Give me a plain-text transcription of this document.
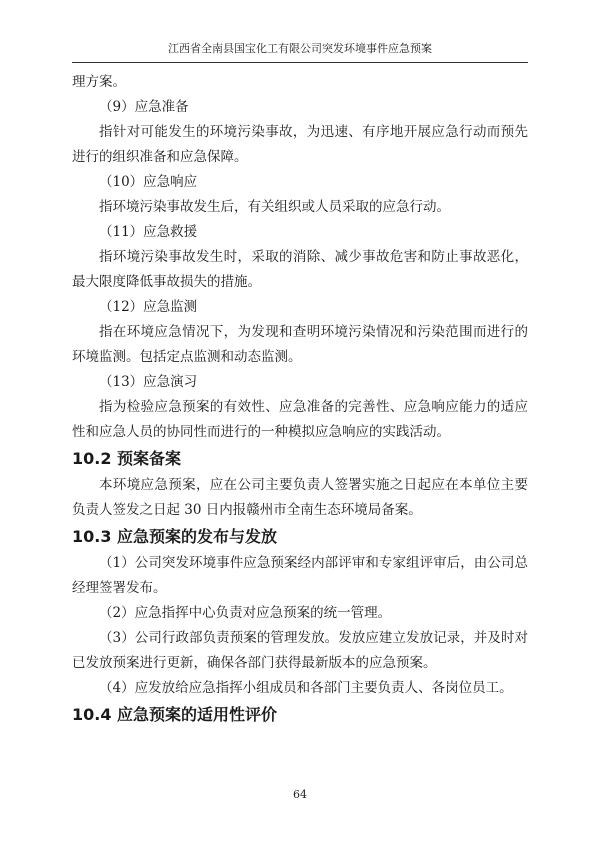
江西省全南县国宝化工有限公司突发环境事件应急预案

理方案。

（9）应急准备

指针对可能发生的环境污染事故，为迅速、有序地开展应急行动而预先进行的组织准备和应急保障。

（10）应急响应

指环境污染事故发生后，有关组织或人员采取的应急行动。

（11）应急救援

指环境污染事故发生时，采取的消除、减少事故危害和防止事故恶化，最大限度降低事故损失的措施。

（12）应急监测

指在环境应急情况下，为发现和查明环境污染情况和污染范围而进行的环境监测。包括定点监测和动态监测。

（13）应急演习

指为检验应急预案的有效性、应急准备的完善性、应急响应能力的适应性和应急人员的协同性而进行的一种模拟应急响应的实践活动。

10.2 预案备案

本环境应急预案，应在公司主要负责人签署实施之日起应在本单位主要负责人签发之日起 30 日内报赣州市全南生态环境局备案。

10.3 应急预案的发布与发放

（1）公司突发环境事件应急预案经内部评审和专家组评审后，由公司总经理签署发布。

（2）应急指挥中心负责对应急预案的统一管理。

（3）公司行政部负责预案的管理发放。发放应建立发放记录，并及时对已发放预案进行更新，确保各部门获得最新版本的应急预案。

（4）应发放给应急指挥小组成员和各部门主要负责人、各岗位员工。

10.4 应急预案的适用性评价
64
